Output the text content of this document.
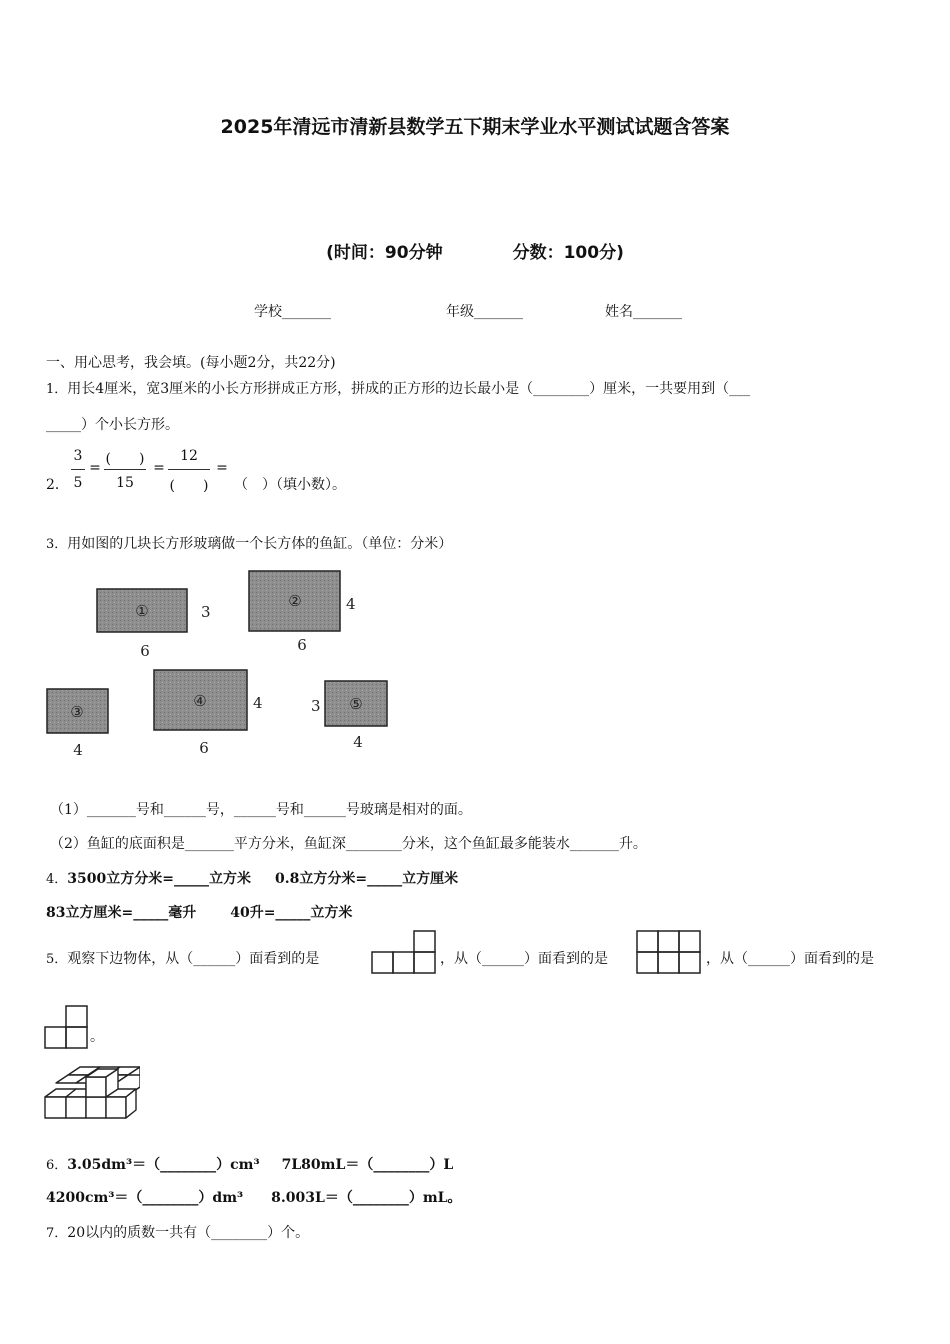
2025年清远市清新县数学五下期末学业水平测试试题含答案
(时间：90分钟	分数：100分)
学校_______	年级_______	姓名_______
一、用心思考，我会填。(每小题2分，共22分)
1．用长4厘米，宽3厘米的小长方形拼成正方形，拼成的正方形的边长最小是（________）厘米，一共要用到（___
_____）个小长方形。
2．
3
5
=
(　　)
15
=
12
(　　)
=
（　）（填小数）。
3．用如图的几块长方形玻璃做一个长方体的鱼缸。（单位：分米）
①	3
6
②	4
6
③
4
④	4
6
⑤
3
4
（1）_______号和______号，______号和______号玻璃是相对的面。
（2）鱼缸的底面积是_______平方分米，鱼缸深________分米，这个鱼缸最多能装水_______升。
4．3500立方分米=_____立方米 0.8立方分米=_____立方厘米
83立方厘米=_____毫升 40升=_____立方米
5．观察下边物体，从（______）面看到的是	，从（______）面看到的是	，从（______）面看到的是
。
6．3.05dm³＝（________）cm³ 7L80mL＝（________）L
4200cm³＝（________）dm³ 8.003L＝（________）mL。
7．20以内的质数一共有（________）个。
